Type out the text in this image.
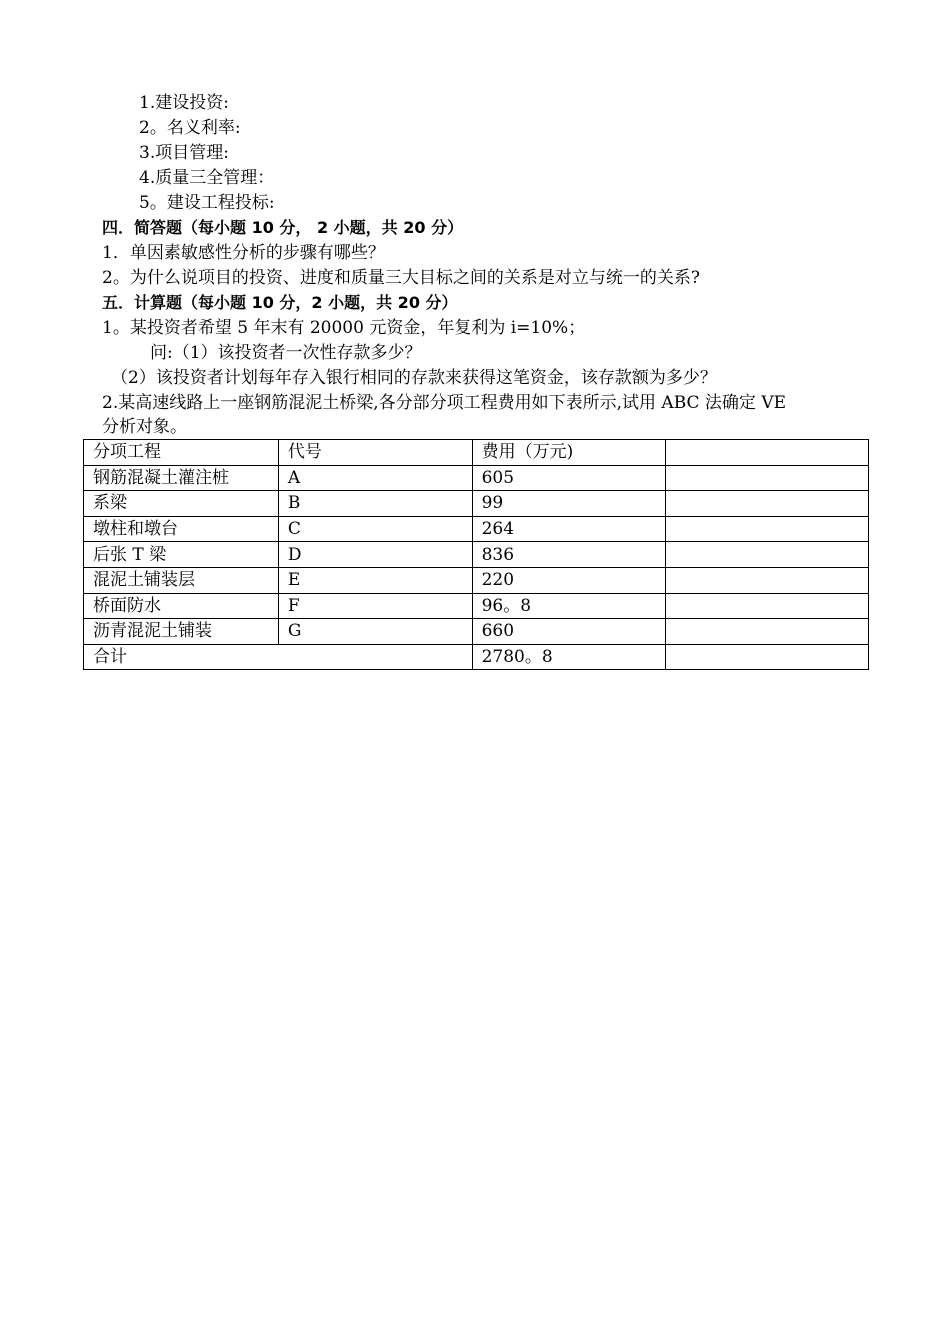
1.建设投资:
2。名义利率:
3.项目管理:
4.质量三全管理：
5。建设工程投标:
四．简答题（每小题 10 分， 2 小题，共 20 分）
1．单因素敏感性分析的步骤有哪些？
2。为什么说项目的投资、进度和质量三大目标之间的关系是对立与统一的关系?
五．计算题（每小题 10 分，2 小题，共 20 分）
1。某投资者希望 5 年末有 20000 元资金，年复利为 i=10%；
问:（1）该投资者一次性存款多少？
（2）该投资者计划每年存入银行相同的存款来获得这笔资金，该存款额为多少？
2.某高速线路上一座钢筋混泥土桥梁,各分部分项工程费用如下表所示,试用 ABC 法确定 VE
分析对象。
分项工程	代号	费用（万元)	
钢筋混凝土灌注桩	A	605	
系梁	B	99	
墩柱和墩台	C	264	
后张 T 梁	D	836	
混泥土铺装层	E	220	
桥面防水	F	96。8	
沥青混泥土铺装	G	660	
合计		2780。8	
